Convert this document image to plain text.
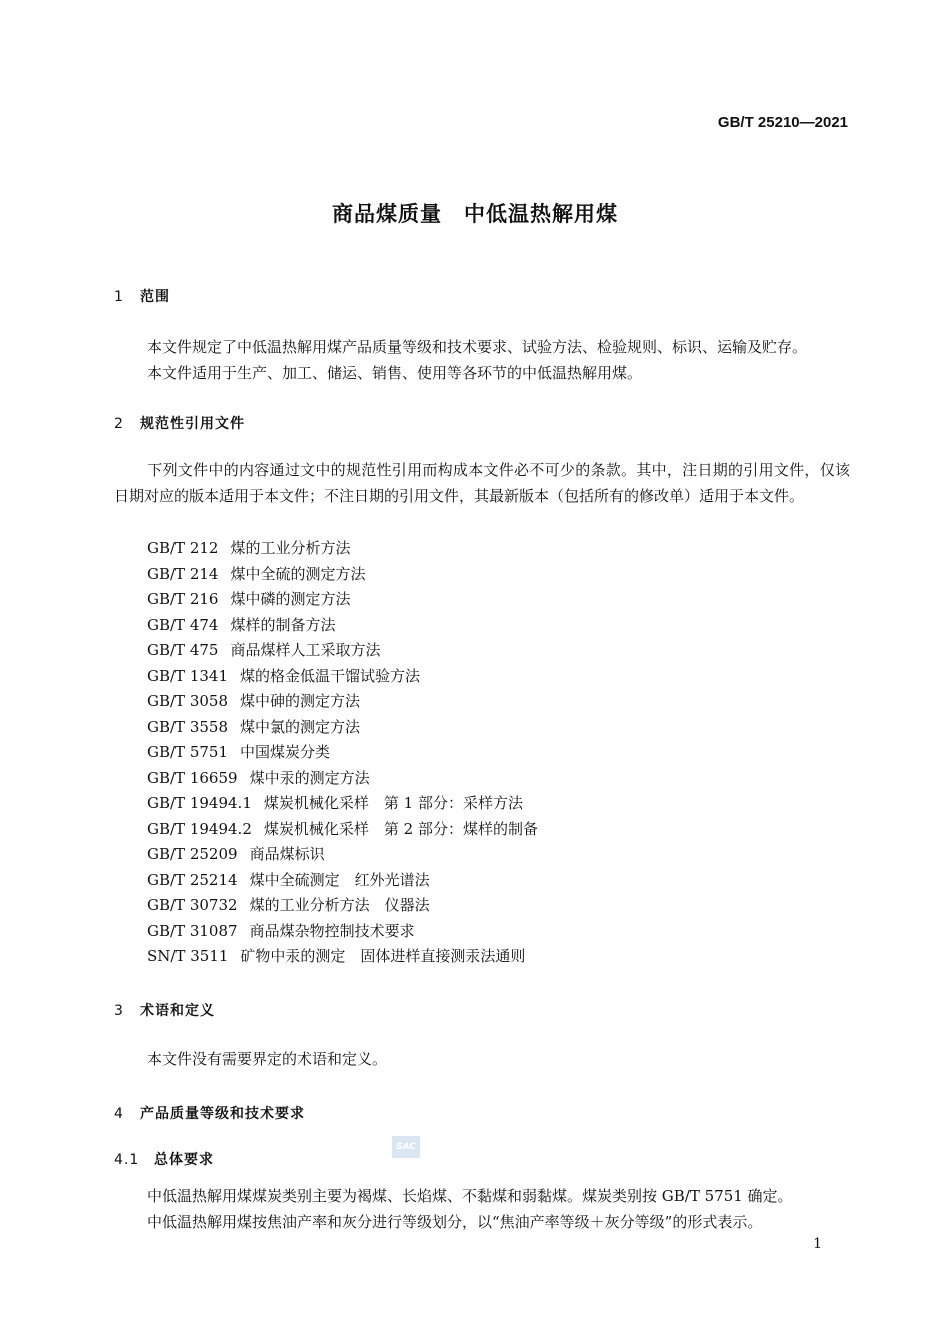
GB/T 25210—2021
商品煤质量　中低温热解用煤
1 范围
本文件规定了中低温热解用煤产品质量等级和技术要求、试验方法、检验规则、标识、运输及贮存。
本文件适用于生产、加工、储运、销售、使用等各环节的中低温热解用煤。
2 规范性引用文件
下列文件中的内容通过文中的规范性引用而构成本文件必不可少的条款。其中，注日期的引用文件，仅该日期对应的版本适用于本文件；不注日期的引用文件，其最新版本（包括所有的修改单）适用于本文件。
GB/T 212 煤的工业分析方法
GB/T 214 煤中全硫的测定方法
GB/T 216 煤中磷的测定方法
GB/T 474 煤样的制备方法
GB/T 475 商品煤样人工采取方法
GB/T 1341 煤的格金低温干馏试验方法
GB/T 3058 煤中砷的测定方法
GB/T 3558 煤中氯的测定方法
GB/T 5751 中国煤炭分类
GB/T 16659 煤中汞的测定方法
GB/T 19494.1 煤炭机械化采样　第 1 部分：采样方法
GB/T 19494.2 煤炭机械化采样　第 2 部分：煤样的制备
GB/T 25209 商品煤标识
GB/T 25214 煤中全硫测定　红外光谱法
GB/T 30732 煤的工业分析方法　仪器法
GB/T 31087 商品煤杂物控制技术要求
SN/T 3511 矿物中汞的测定　固体进样直接测汞法通则
3 术语和定义
本文件没有需要界定的术语和定义。
4 产品质量等级和技术要求
SAC
4.1 总体要求
中低温热解用煤煤炭类别主要为褐煤、长焰煤、不黏煤和弱黏煤。煤炭类别按 GB/T 5751 确定。
中低温热解用煤按焦油产率和灰分进行等级划分，以“焦油产率等级＋灰分等级”的形式表示。
1
